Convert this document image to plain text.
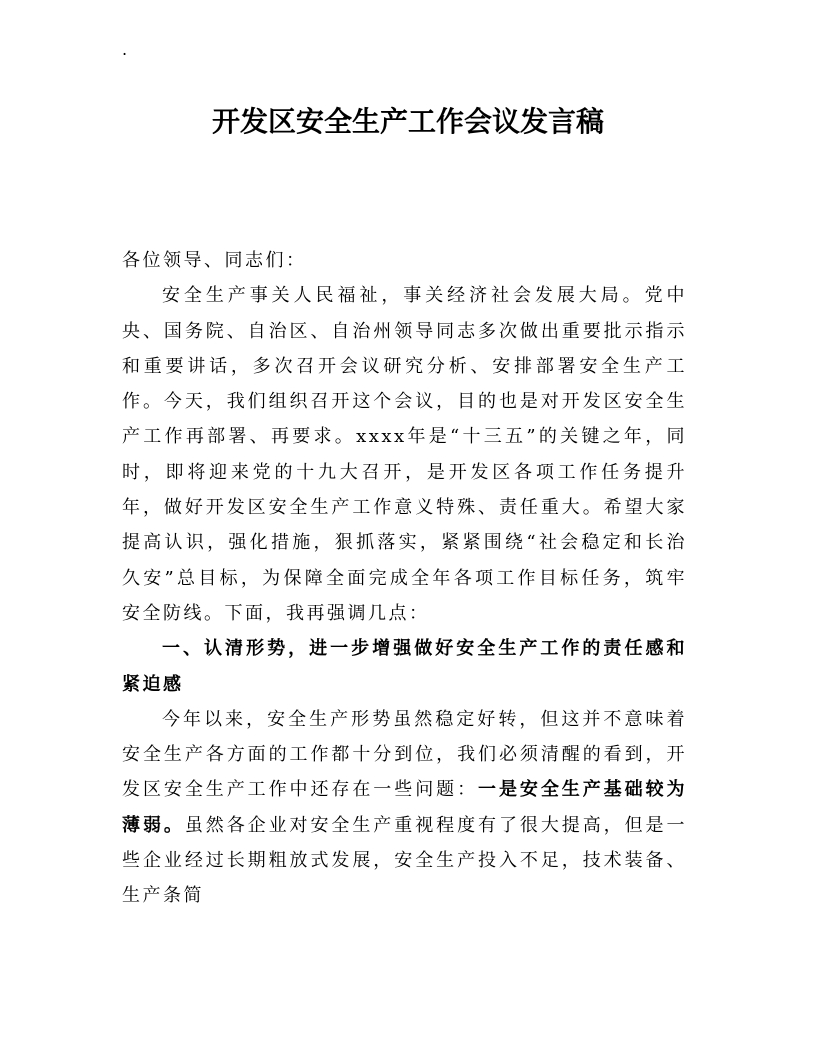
.
开发区安全生产工作会议发言稿

各位领导、同志们：

安全生产事关人民福祉，事关经济社会发展大局。党中央、国务院、自治区、自治州领导同志多次做出重要批示指示和重要讲话，多次召开会议研究分析、安排部署安全生产工作。今天，我们组织召开这个会议，目的也是对开发区安全生产工作再部署、再要求。xxxx年是“十三五”的关键之年，同时，即将迎来党的十九大召开，是开发区各项工作任务提升年，做好开发区安全生产工作意义特殊、责任重大。希望大家提高认识，强化措施，狠抓落实，紧紧围绕“社会稳定和长治久安”总目标，为保障全面完成全年各项工作目标任务，筑牢安全防线。下面，我再强调几点：

一、认清形势，进一步增强做好安全生产工作的责任感和紧迫感

今年以来，安全生产形势虽然稳定好转，但这并不意味着安全生产各方面的工作都十分到位，我们必须清醒的看到，开发区安全生产工作中还存在一些问题：一是安全生产基础较为薄弱。虽然各企业对安全生产重视程度有了很大提高，但是一些企业经过长期粗放式发展，安全生产投入不足，技术装备、生产条简
